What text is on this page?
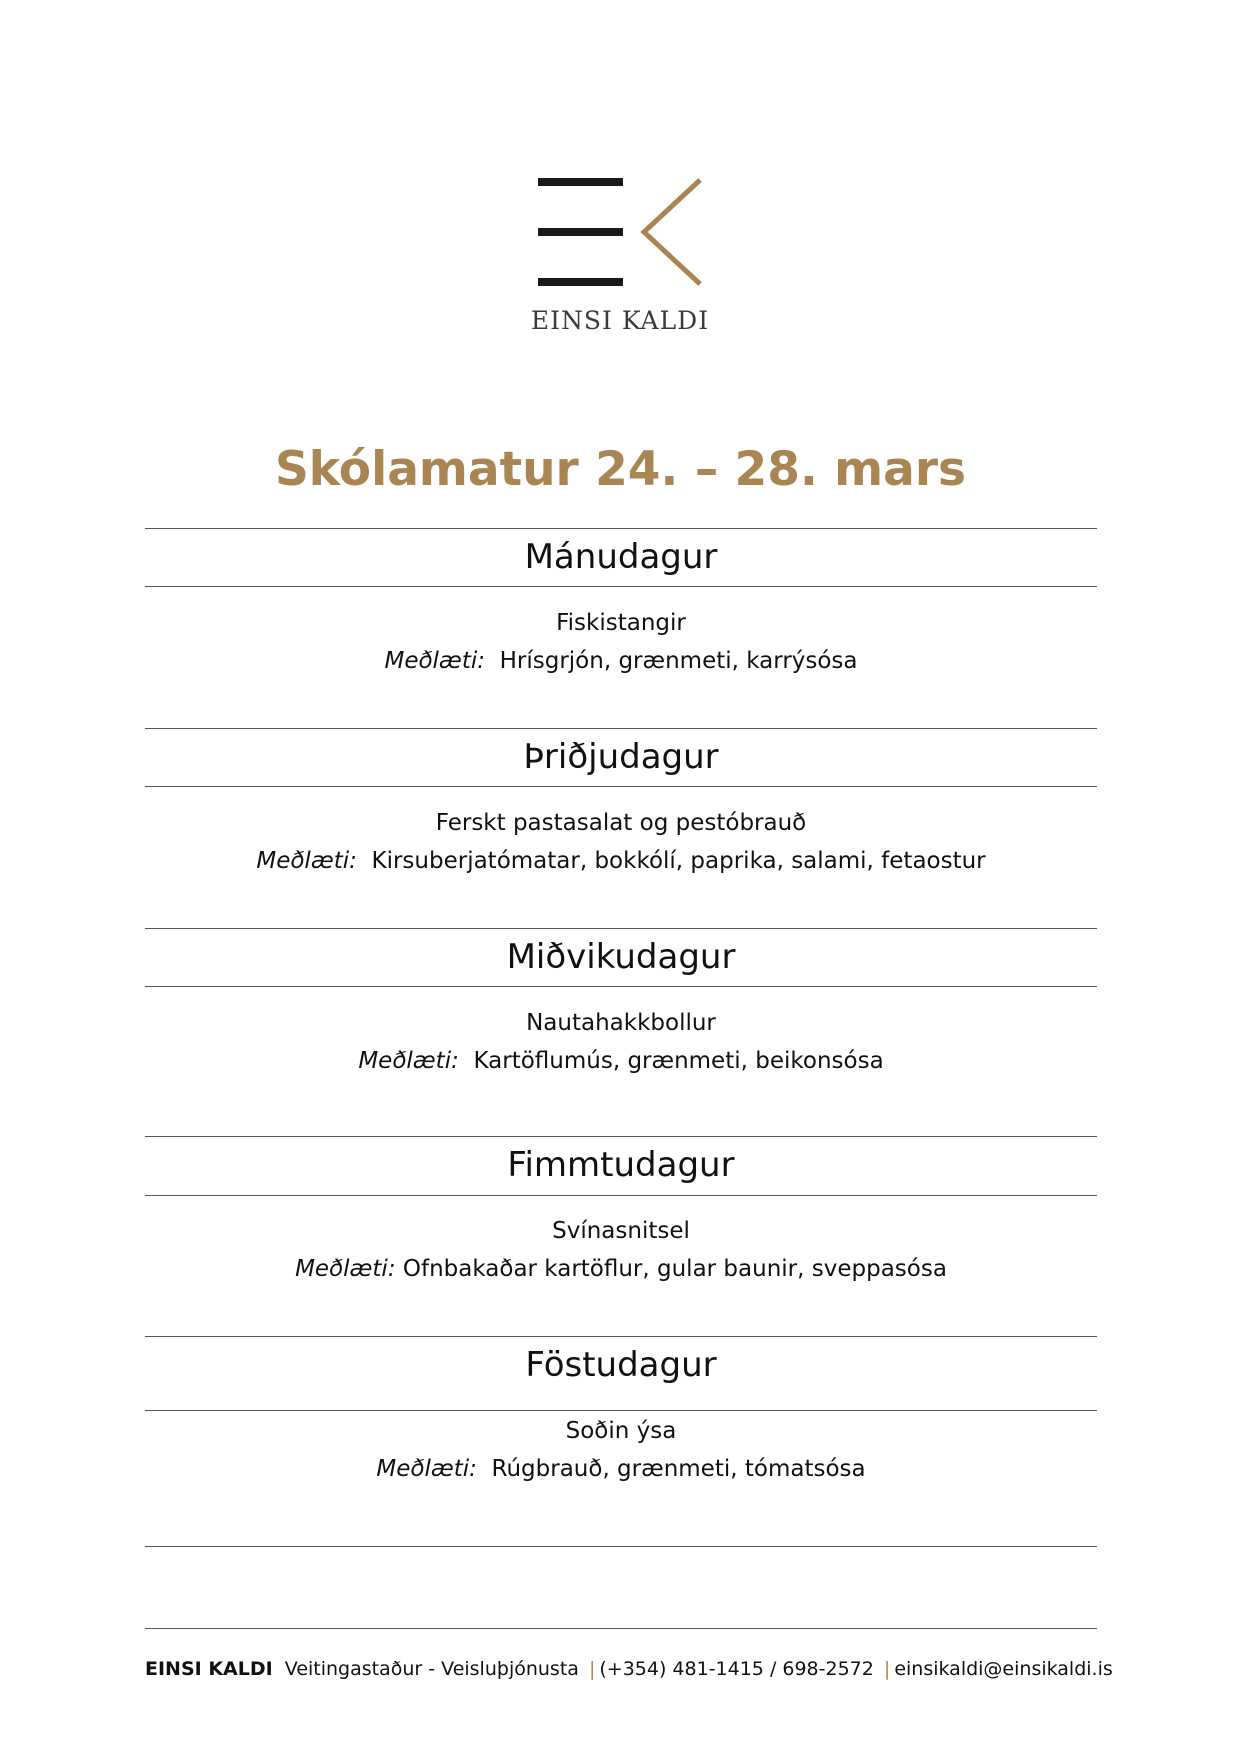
EINSI KALDI
Skólamatur 24. – 28. mars
Mánudagur
Fiskistangir
Meðlæti: Hrísgrjón, grænmeti, karrýsósa
Þriðjudagur
Ferskt pastasalat og pestóbrauð
Meðlæti: Kirsuberjatómatar, bokkólí, paprika, salami, fetaostur
Miðvikudagur
Nautahakkbollur
Meðlæti: Kartöflumús, grænmeti, beikonsósa
Fimmtudagur
Svínasnitsel
Meðlæti: Ofnbakaðar kartöflur, gular baunir, sveppasósa
Föstudagur
Soðin ýsa
Meðlæti: Rúgbrauð, grænmeti, tómatsósa
EINSI KALDI Veitingastaður - Veisluþjónusta | (+354) 481-1415 / 698-2572 | einsikaldi@einsikaldi.is
